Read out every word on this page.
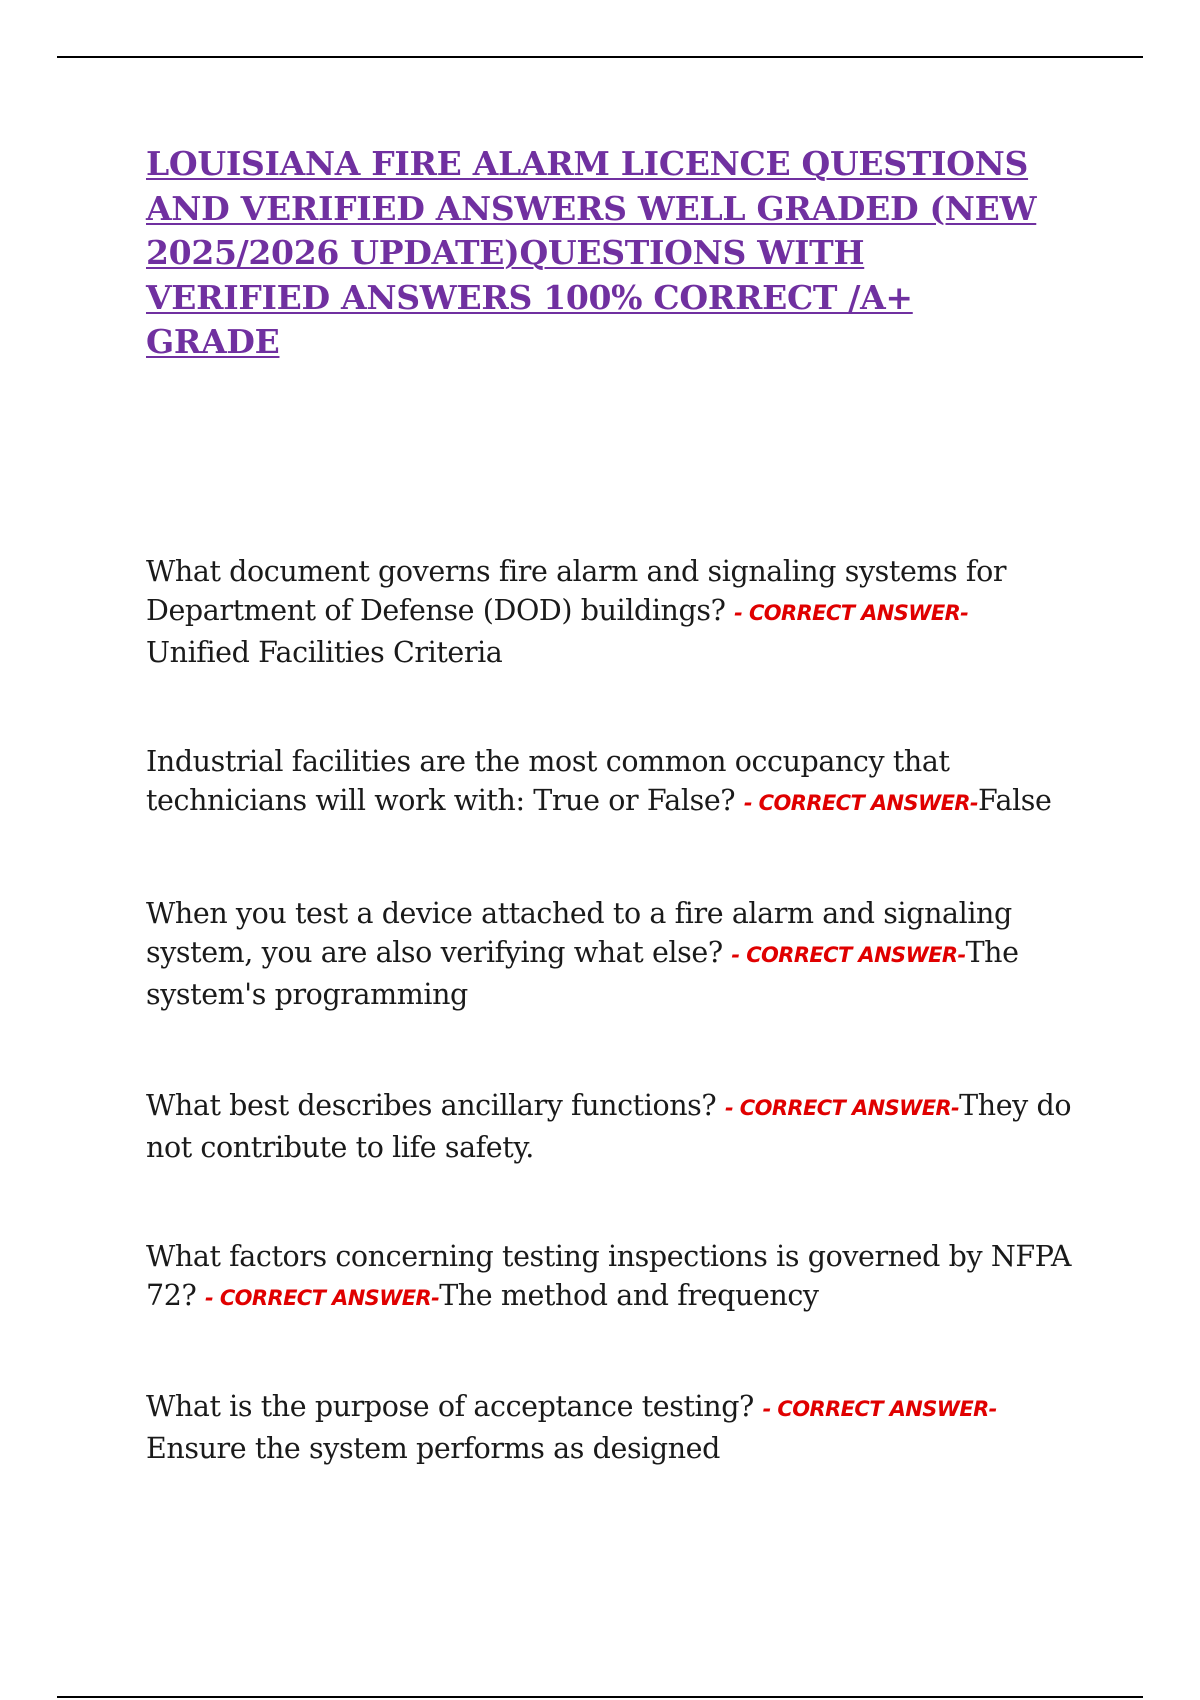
LOUISIANA FIRE ALARM LICENCE QUESTIONS AND VERIFIED ANSWERS WELL GRADED (NEW 2025/2026 UPDATE)QUESTIONS WITH VERIFIED ANSWERS 100% CORRECT /A+ GRADE

What document governs fire alarm and signaling systems for Department of Defense (DOD) buildings? - CORRECT ANSWER-
Unified Facilities Criteria

Industrial facilities are the most common occupancy that technicians will work with: True or False? - CORRECT ANSWER-False

When you test a device attached to a fire alarm and signaling system, you are also verifying what else? - CORRECT ANSWER-The system's programming

What best describes ancillary functions? - CORRECT ANSWER-They do not contribute to life safety.

What factors concerning testing inspections is governed by NFPA 72? - CORRECT ANSWER-The method and frequency

What is the purpose of acceptance testing? - CORRECT ANSWER-
Ensure the system performs as designed
